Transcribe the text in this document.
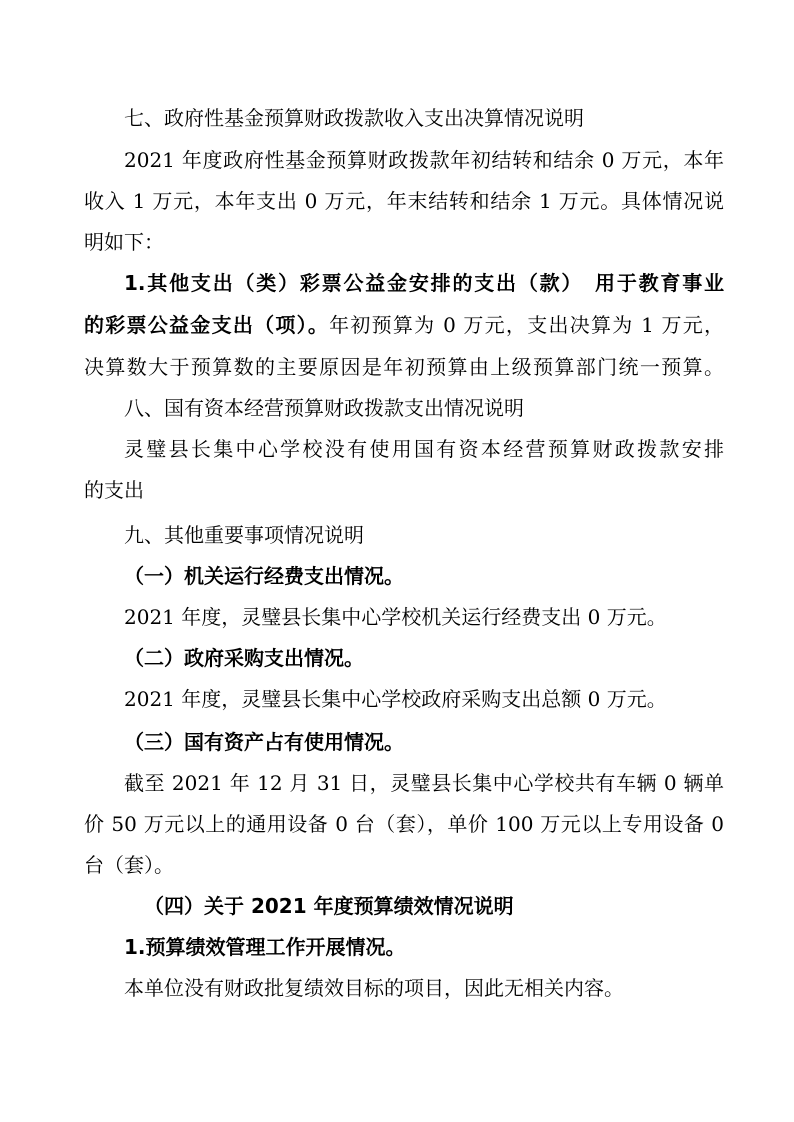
七、政府性基金预算财政拨款收入支出决算情况说明
2021 年度政府性基金预算财政拨款年初结转和结余 0 万元，本年
收入 1 万元，本年支出 0 万元，年末结转和结余 1 万元。具体情况说
明如下：
1.其他支出（类）彩票公益金安排的支出（款）　用于教育事业
的彩票公益金支出（项）。年初预算为 0 万元，支出决算为 1 万元，
决算数大于预算数的主要原因是年初预算由上级预算部门统一预算。
八、国有资本经营预算财政拨款支出情况说明
灵璧县长集中心学校没有使用国有资本经营预算财政拨款安排
的支出
九、其他重要事项情况说明
（一）机关运行经费支出情况。
2021 年度，灵璧县长集中心学校机关运行经费支出 0 万元。
（二）政府采购支出情况。
2021 年度，灵璧县长集中心学校政府采购支出总额 0 万元。
（三）国有资产占有使用情况。
截至 2021 年 12 月 31 日，灵璧县长集中心学校共有车辆 0 辆单
价 50 万元以上的通用设备 0 台（套），单价 100 万元以上专用设备 0
台（套）。
（四）关于 2021 年度预算绩效情况说明
1.预算绩效管理工作开展情况。
本单位没有财政批复绩效目标的项目，因此无相关内容。
